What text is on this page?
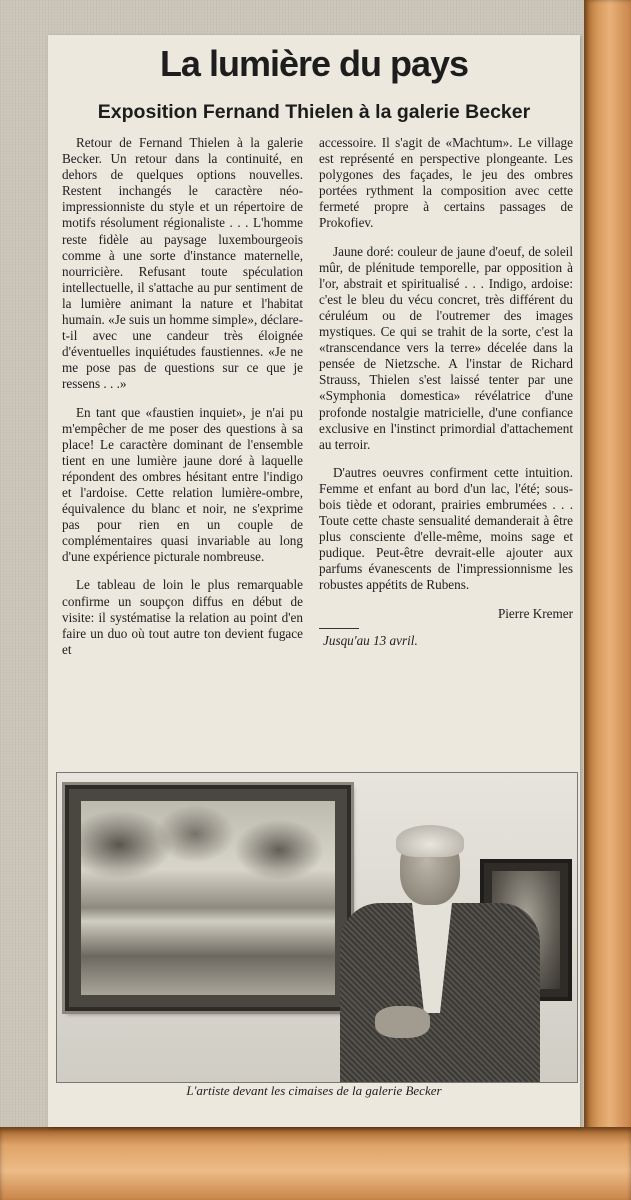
La lumière du pays
Exposition Fernand Thielen à la galerie Becker

Retour de Fernand Thielen à la galerie Becker. Un retour dans la continuité, en dehors de quelques options nouvelles. Restent inchangés le caractère néo-impressionniste du style et un répertoire de motifs résolument régionaliste . . . L'homme reste fidèle au paysage luxembourgeois comme à une sorte d'instance maternelle, nourricière. Refusant toute spéculation intellectuelle, il s'attache au pur sentiment de la lumière animant la nature et l'habitat humain. «Je suis un homme simple», déclare-t-il avec une candeur très éloignée d'éventuelles inquiétudes faustiennes. «Je ne me pose pas de questions sur ce que je ressens . . .»

En tant que «faustien inquiet», je n'ai pu m'empêcher de me poser des questions à sa place! Le caractère dominant de l'ensemble tient en une lumière jaune doré à laquelle répondent des ombres hésitant entre l'indigo et l'ardoise. Cette relation lumière-ombre, équivalence du blanc et noir, ne s'exprime pas pour rien en un couple de complémentaires quasi invariable au long d'une expérience picturale nombreuse.

Le tableau de loin le plus remarquable confirme un soupçon diffus en début de visite: il systématise la relation au point d'en faire un duo où tout autre ton devient fugace et

accessoire. Il s'agit de «Machtum». Le village est représenté en perspective plongeante. Les polygones des façades, le jeu des ombres portées rythment la composition avec cette fermeté propre à certains passages de Prokofiev.

Jaune doré: couleur de jaune d'oeuf, de soleil mûr, de plénitude temporelle, par opposition à l'or, abstrait et spiritualisé . . . Indigo, ardoise: c'est le bleu du vécu concret, très différent du céruléum ou de l'outremer des images mystiques. Ce qui se trahit de la sorte, c'est la «transcendance vers la terre» décelée dans la pensée de Nietzsche. A l'instar de Richard Strauss, Thielen s'est laissé tenter par une «Symphonia domestica» révélatrice d'une profonde nostalgie matricielle, d'une confiance exclusive en l'instinct primordial d'attachement au terroir.

D'autres oeuvres confirment cette intuition. Femme et enfant au bord d'un lac, l'été; sous-bois tiède et odorant, prairies embrumées . . . Toute cette chaste sensualité demanderait à être plus consciente d'elle-même, moins sage et pudique. Peut-être devrait-elle ajouter aux parfums évanescents de l'impressionnisme les robustes appétits de Rubens.

Pierre Kremer

Jusqu'au 13 avril.

L'artiste devant les cimaises de la galerie Becker
